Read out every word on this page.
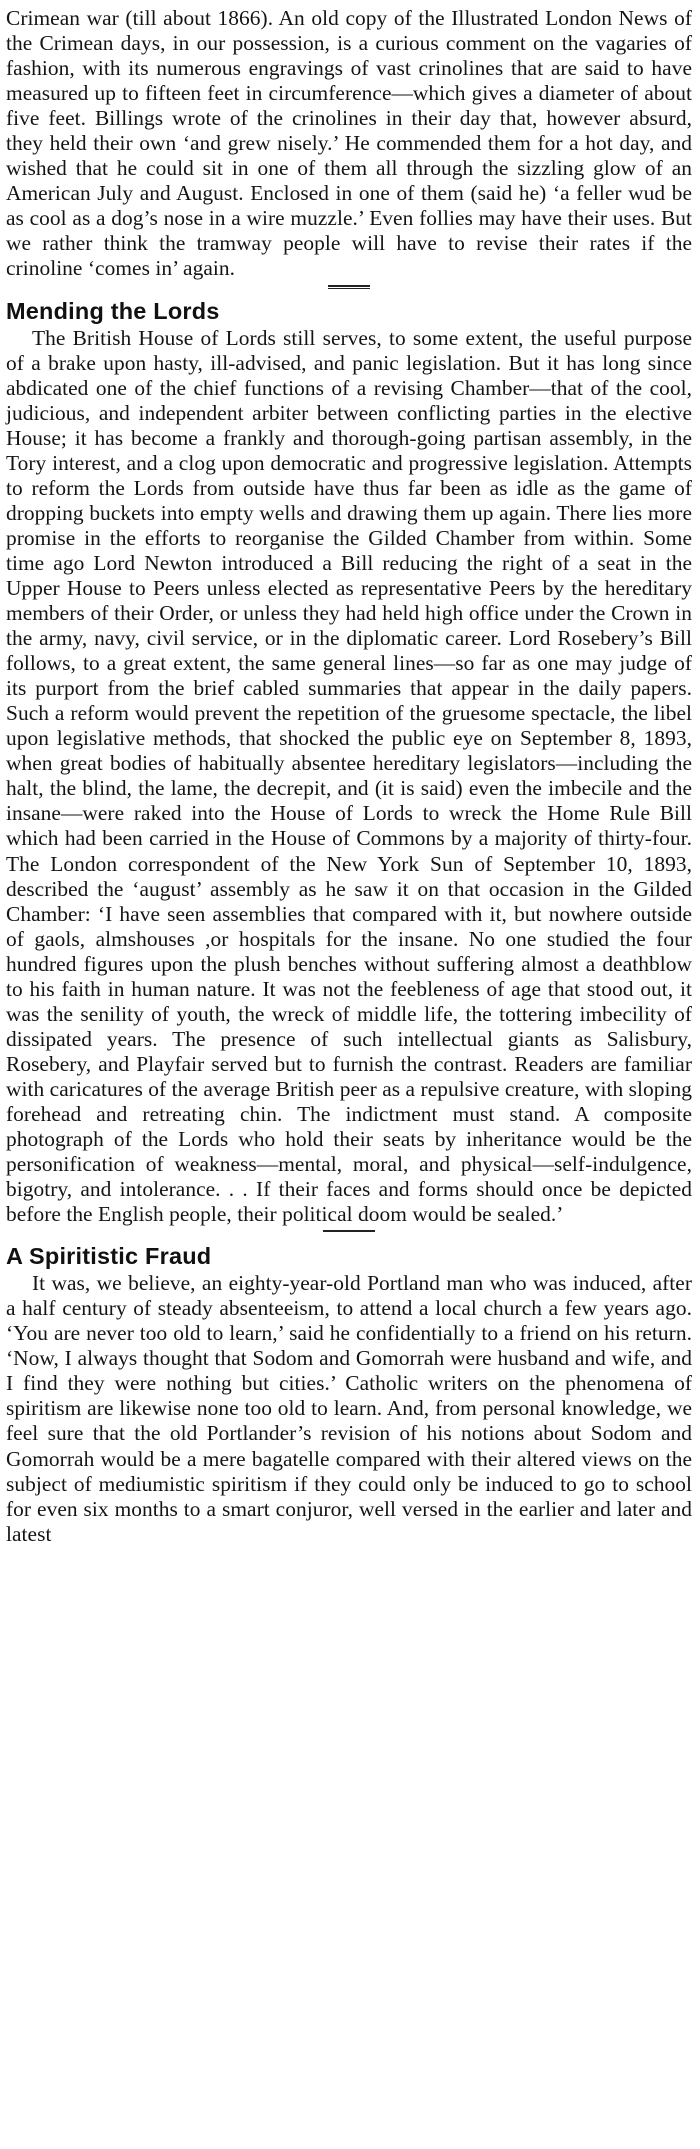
Crimean war (till about 1866). An old copy of the Illustrated London News of the Crimean days, in our possession, is a curious comment on the vagaries of fashion, with its numerous engravings of vast crinolines that are said to have measured up to fifteen feet in circumference—which gives a diameter of about five feet. Billings wrote of the crinolines in their day that, however absurd, they held their own ‘and grew nisely.’ He commended them for a hot day, and wished that he could sit in one of them all through the sizzling glow of an American July and August. Enclosed in one of them (said he) ‘a feller wud be as cool as a dog’s nose in a wire muzzle.’ Even follies may have their uses. But we rather think the tramway people will have to revise their rates if the crinoline ‘comes in’ again.

Mending the Lords

The British House of Lords still serves, to some extent, the useful purpose of a brake upon hasty, ill-advised, and panic legislation. But it has long since abdicated one of the chief functions of a revising Chamber—that of the cool, judicious, and independent arbiter between conflicting parties in the elective House; it has become a frankly and thorough-going partisan assembly, in the Tory interest, and a clog upon democratic and progressive legislation. Attempts to reform the Lords from outside have thus far been as idle as the game of dropping buckets into empty wells and drawing them up again. There lies more promise in the efforts to reorganise the Gilded Chamber from within. Some time ago Lord Newton introduced a Bill reducing the right of a seat in the Upper House to Peers unless elected as representative Peers by the hereditary members of their Order, or unless they had held high office under the Crown in the army, navy, civil service, or in the diplomatic career. Lord Rosebery’s Bill follows, to a great extent, the same general lines—so far as one may judge of its purport from the brief cabled summaries that appear in the daily papers. Such a reform would prevent the repetition of the gruesome spectacle, the libel upon legislative methods, that shocked the public eye on September 8, 1893, when great bodies of habitually absentee hereditary legislators—including the halt, the blind, the lame, the decrepit, and (it is said) even the imbecile and the insane—were raked into the House of Lords to wreck the Home Rule Bill which had been carried in the House of Commons by a majority of thirty-four. The London correspondent of the New York Sun of September 10, 1893, described the ‘august’ assembly as he saw it on that occasion in the Gilded Chamber: ‘I have seen assemblies that compared with it, but nowhere outside of gaols, almshouses ,or hospitals for the insane. No one studied the four hundred figures upon the plush benches without suffering almost a deathblow to his faith in human nature. It was not the feebleness of age that stood out, it was the senility of youth, the wreck of middle life, the tottering imbecility of dissipated years. The presence of such intellectual giants as Salisbury, Rosebery, and Playfair served but to furnish the contrast. Readers are familiar with caricatures of the average British peer as a repulsive creature, with sloping forehead and retreating chin. The indictment must stand. A composite photograph of the Lords who hold their seats by inheritance would be the personification of weakness—mental, moral, and physical—self-indulgence, bigotry, and intolerance. . . If their faces and forms should once be depicted before the English people, their political doom would be sealed.’

A Spiritistic Fraud

It was, we believe, an eighty-year-old Portland man who was induced, after a half century of steady absenteeism, to attend a local church a few years ago. ‘You are never too old to learn,’ said he confidentially to a friend on his return. ‘Now, I always thought that Sodom and Gomorrah were husband and wife, and I find they were nothing but cities.’ Catholic writers on the phenomena of spiritism are likewise none too old to learn. And, from personal knowledge, we feel sure that the old Portlander’s revision of his notions about Sodom and Gomorrah would be a mere bagatelle compared with their altered views on the subject of mediumistic spiritism if they could only be induced to go to school for even six months to a smart conjuror, well versed in the earlier and later and latest
